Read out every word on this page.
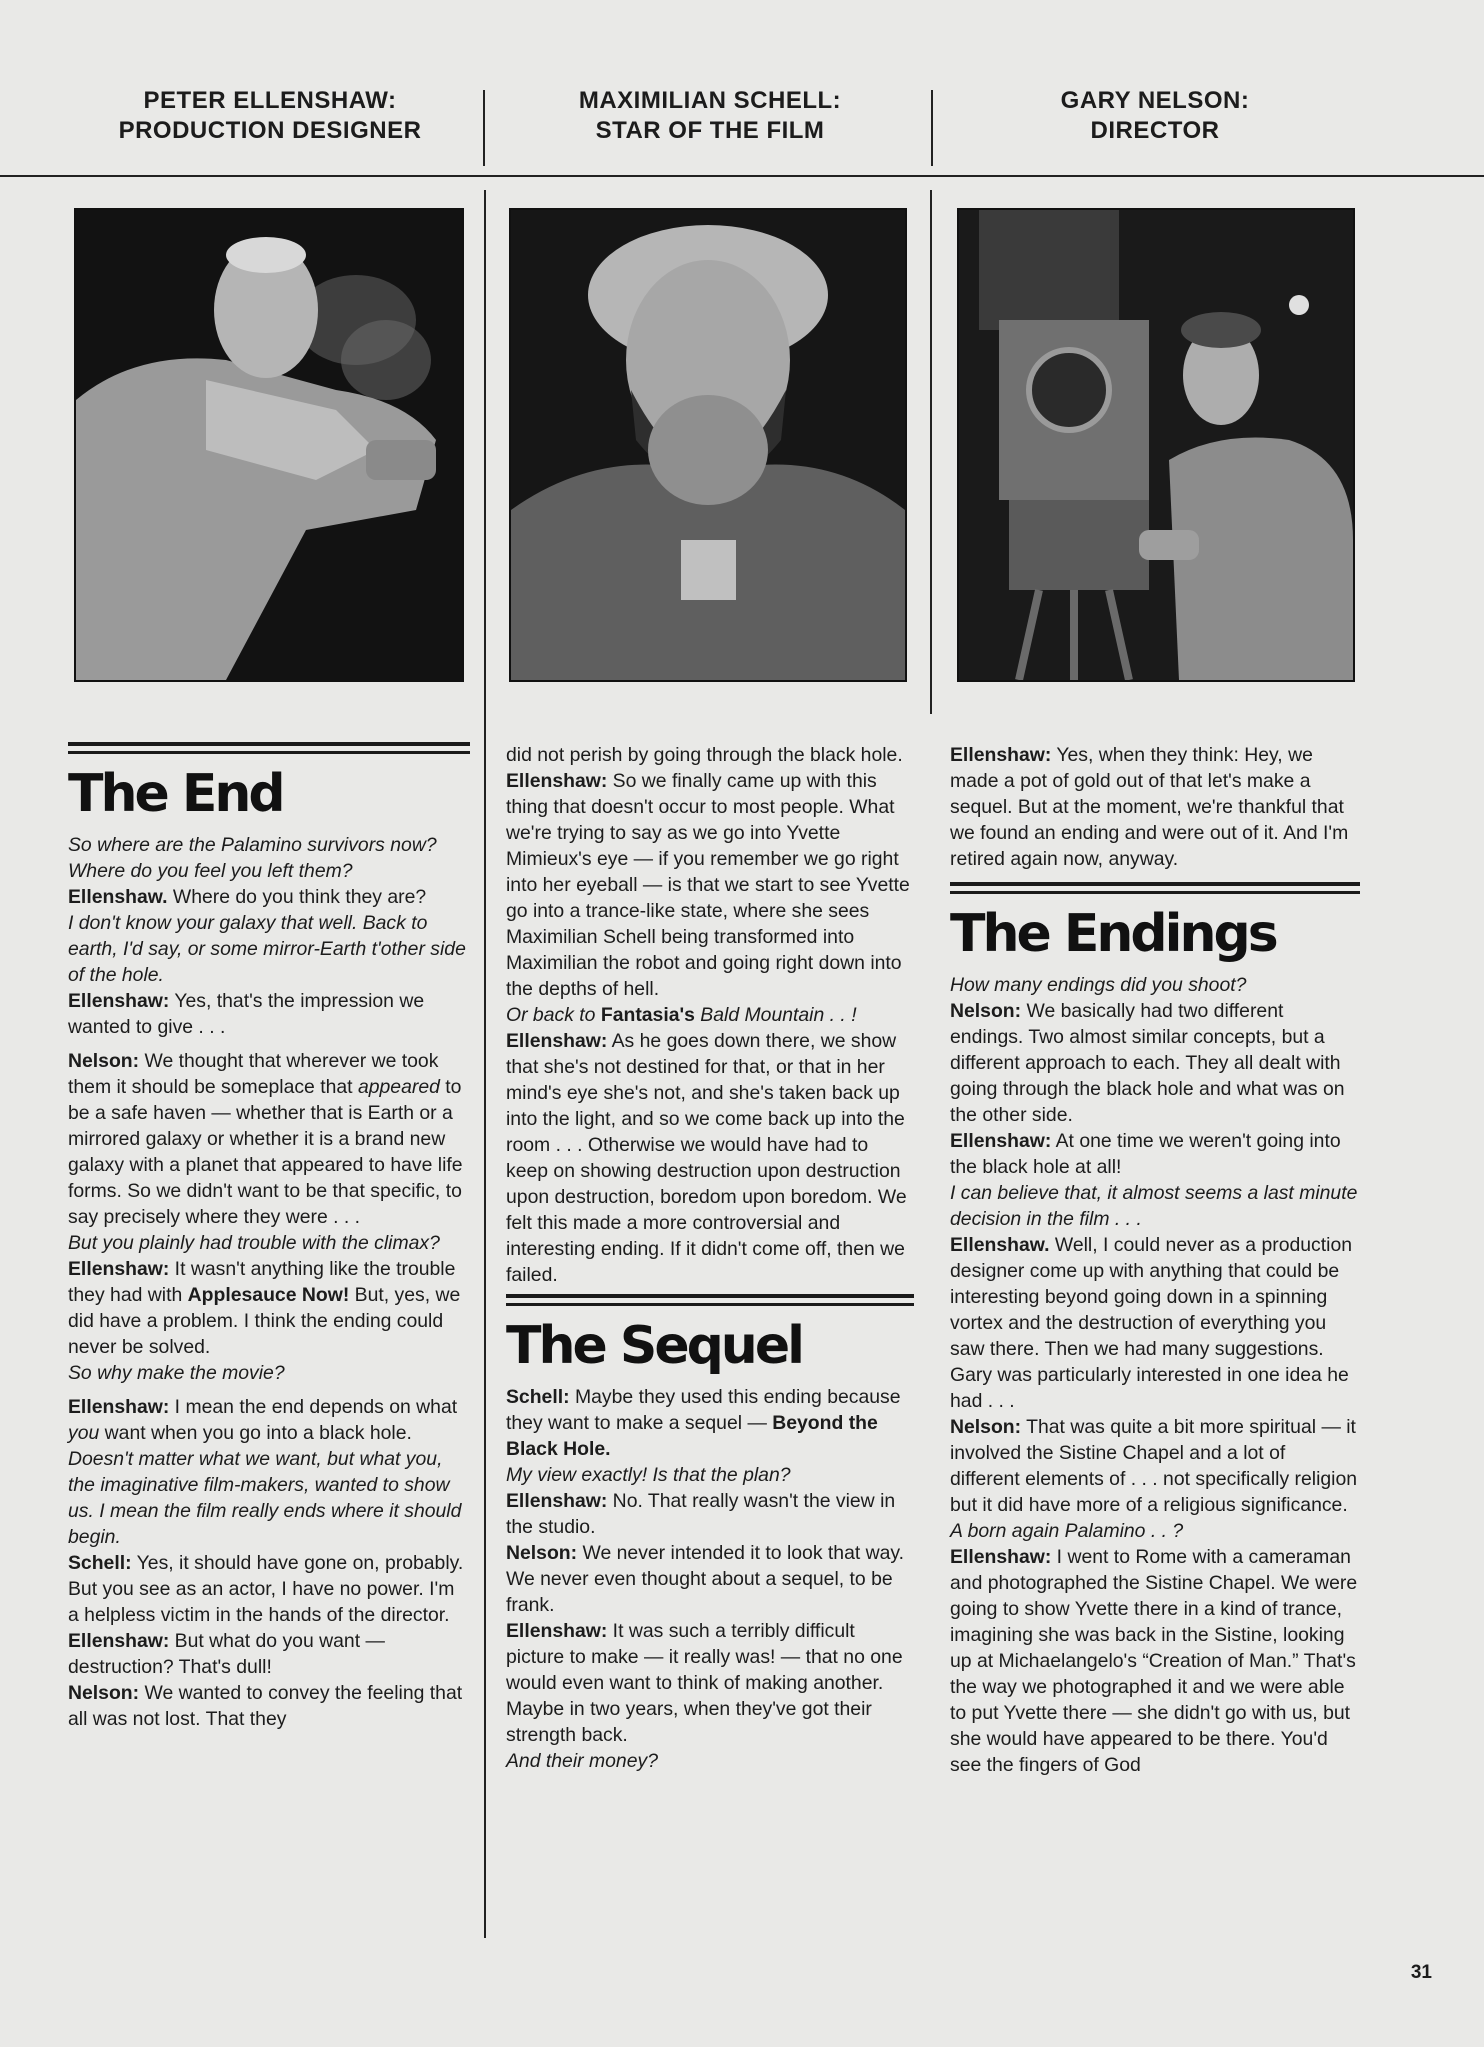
PETER ELLENSHAW:
PRODUCTION DESIGNER
MAXIMILIAN SCHELL:
STAR OF THE FILM
GARY NELSON:
DIRECTOR
The End

So where are the Palamino survivors now? Where do you feel you left them?

Ellenshaw. Where do you think they are?

I don't know your galaxy that well. Back to earth, I'd say, or some mirror-Earth t'other side of the hole.

Ellenshaw: Yes, that's the impression we wanted to give . . .

Nelson: We thought that wherever we took them it should be someplace that appeared to be a safe haven — whether that is Earth or a mirrored galaxy or whether it is a brand new galaxy with a planet that appeared to have life forms. So we didn't want to be that specific, to say precisely where they were . . .

But you plainly had trouble with the climax?

Ellenshaw: It wasn't anything like the trouble they had with Applesauce Now! But, yes, we did have a problem. I think the ending could never be solved.

So why make the movie?

Ellenshaw: I mean the end depends on what you want when you go into a black hole.

Doesn't matter what we want, but what you, the imaginative film-makers, wanted to show us. I mean the film really ends where it should begin.

Schell: Yes, it should have gone on, probably. But you see as an actor, I have no power. I'm a helpless victim in the hands of the director.

Ellenshaw: But what do you want — destruction? That's dull!

Nelson: We wanted to convey the feeling that all was not lost. That they

did not perish by going through the black hole.

Ellenshaw: So we finally came up with this thing that doesn't occur to most people. What we're trying to say as we go into Yvette Mimieux's eye — if you remember we go right into her eyeball — is that we start to see Yvette go into a trance-like state, where she sees Maximilian Schell being transformed into Maximilian the robot and going right down into the depths of hell.

Or back to Fantasia's Bald Mountain . . !

Ellenshaw: As he goes down there, we show that she's not destined for that, or that in her mind's eye she's not, and she's taken back up into the light, and so we come back up into the room . . . Otherwise we would have had to keep on showing destruction upon destruction upon destruction, boredom upon boredom. We felt this made a more controversial and interesting ending. If it didn't come off, then we failed.

The Sequel

Schell: Maybe they used this ending because they want to make a sequel — Beyond the Black Hole.

My view exactly! Is that the plan?

Ellenshaw: No. That really wasn't the view in the studio.

Nelson: We never intended it to look that way. We never even thought about a sequel, to be frank.

Ellenshaw: It was such a terribly difficult picture to make — it really was! — that no one would even want to think of making another. Maybe in two years, when they've got their strength back.

And their money?

Ellenshaw: Yes, when they think: Hey, we made a pot of gold out of that let's make a sequel. But at the moment, we're thankful that we found an ending and were out of it. And I'm retired again now, anyway.

The Endings

How many endings did you shoot?

Nelson: We basically had two different endings. Two almost similar concepts, but a different approach to each. They all dealt with going through the black hole and what was on the other side.

Ellenshaw: At one time we weren't going into the black hole at all!

I can believe that, it almost seems a last minute decision in the film . . .

Ellenshaw. Well, I could never as a production designer come up with anything that could be interesting beyond going down in a spinning vortex and the destruction of everything you saw there. Then we had many suggestions. Gary was particularly interested in one idea he had . . .

Nelson: That was quite a bit more spiritual — it involved the Sistine Chapel and a lot of different elements of . . . not specifically religion but it did have more of a religious significance.

A born again Palamino . . ?

Ellenshaw: I went to Rome with a cameraman and photographed the Sistine Chapel. We were going to show Yvette there in a kind of trance, imagining she was back in the Sistine, looking up at Michaelangelo's “Creation of Man.” That's the way we photographed it and we were able to put Yvette there — she didn't go with us, but she would have appeared to be there. You'd see the fingers of God

31
